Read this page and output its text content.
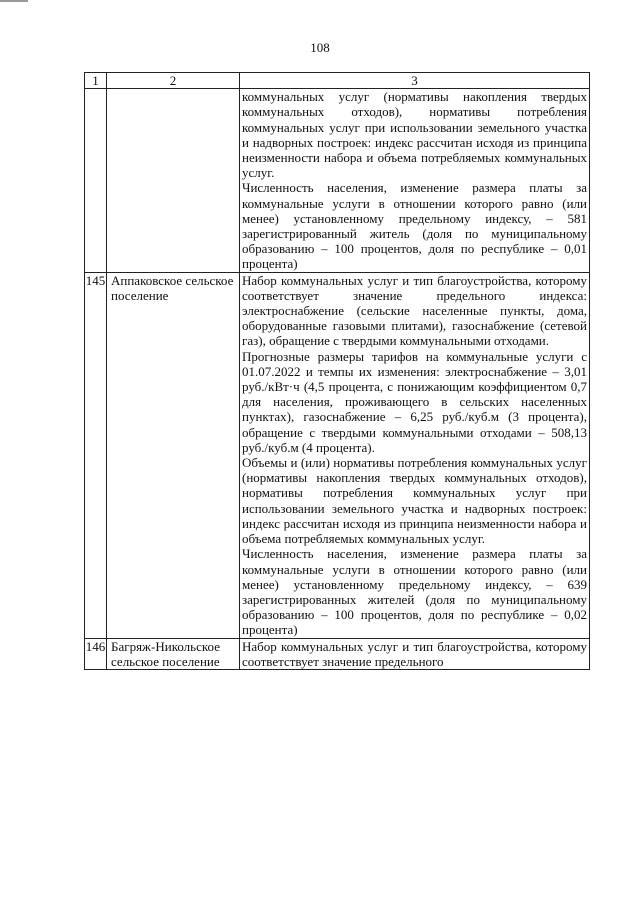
108
1	2	3

		коммунальных услуг (нормативы накопления твердых коммунальных отходов), нормативы потребления коммунальных услуг при использовании земельного участка и надворных построек: индекс рассчитан исходя из принципа неизменности набора и объема потребляемых коммунальных услуг.
Численность населения, изменение размера платы за коммунальные услуги в отношении которого равно (или менее) установленному предельному индексу, – 581 зарегистрированный житель (доля по муниципальному образованию – 100 процентов, доля по республике – 0,01 процента)

145	Аппаковское сельское поселение	Набор коммунальных услуг и тип благоустройства, которому соответствует значение предельного индекса: электроснабжение (сельские населенные пункты, дома, оборудованные газовыми плитами), газоснабжение (сетевой газ), обращение с твердыми коммунальными отходами.
Прогнозные размеры тарифов на коммунальные услуги с 01.07.2022 и темпы их изменения: электроснабжение – 3,01 руб./кВт·ч (4,5 процента, с понижающим коэффициентом 0,7 для населения, проживающего в сельских населенных пунктах), газоснабжение – 6,25 руб./куб.м (3 процента), обращение с твердыми коммунальными отходами – 508,13 руб./куб.м (4 процента).
Объемы и (или) нормативы потребления коммунальных услуг (нормативы накопления твердых коммунальных отходов), нормативы потребления коммунальных услуг при использовании земельного участка и надворных построек: индекс рассчитан исходя из принципа неизменности набора и объема потребляемых коммунальных услуг.
Численность населения, изменение размера платы за коммунальные услуги в отношении которого равно (или менее) установленному предельному индексу, – 639 зарегистрированных жителей (доля по муниципальному образованию – 100 процентов, доля по республике – 0,02 процента)

146	Багряж-Никольское сельское поселение	Набор коммунальных услуг и тип благоустройства, которому соответствует значение предельного
